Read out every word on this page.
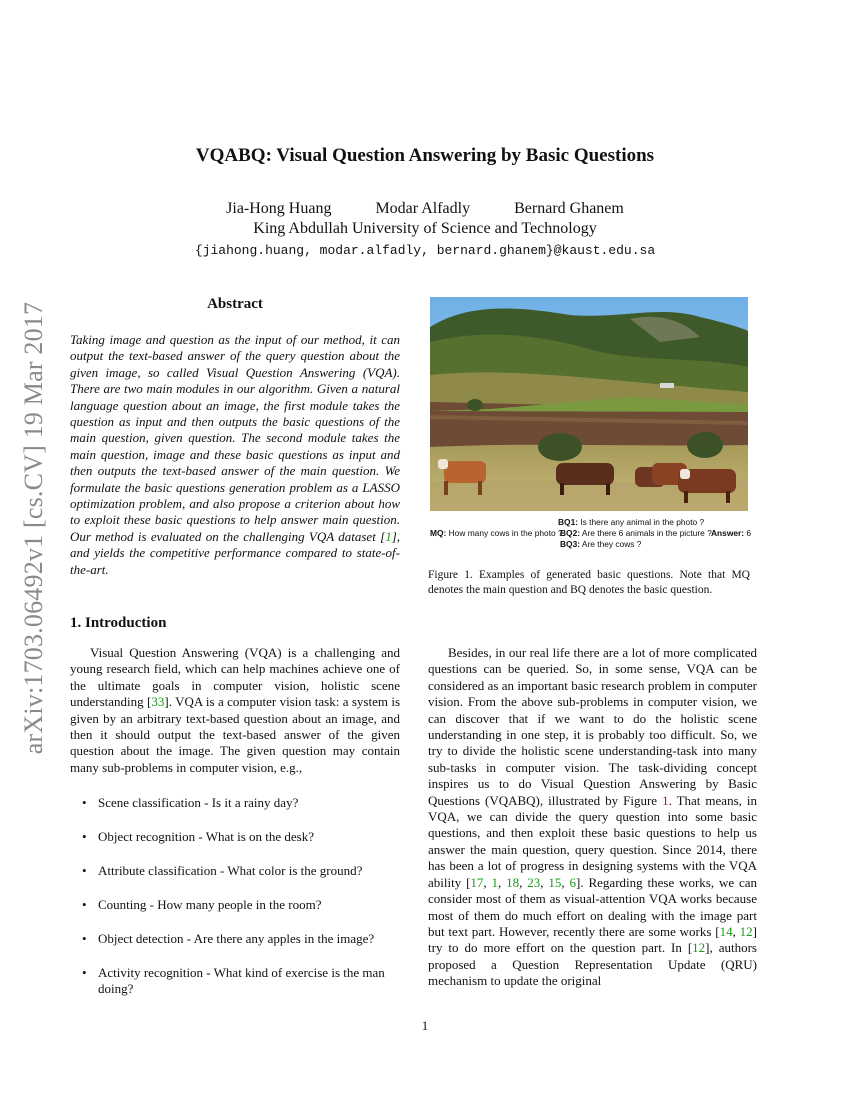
arXiv:1703.06492v1 [cs.CV] 19 Mar 2017
VQABQ: Visual Question Answering by Basic Questions
Jia-Hong Huang	Modar Alfadly	Bernard Ghanem
King Abdullah University of Science and Technology
{jiahong.huang, modar.alfadly, bernard.ghanem}@kaust.edu.sa
Abstract

Taking image and question as the input of our method, it can output the text-based answer of the query question about the given image, so called Visual Question Answering (VQA). There are two main modules in our algorithm. Given a natural language question about an image, the first module takes the question as input and then outputs the basic questions of the main question, given question. The second module takes the main question, image and these basic questions as input and then outputs the text-based answer of the main question. We formulate the basic questions generation problem as a LASSO optimization problem, and also propose a criterion about how to exploit these basic questions to help answer main question. Our method is evaluated on the challenging VQA dataset [1], and yields the competitive performance compared to state-of-the-art.

1. Introduction

Visual Question Answering (VQA) is a challenging and young research field, which can help machines achieve one of the ultimate goals in computer vision, holistic scene understanding [33]. VQA is a computer vision task: a system is given by an arbitrary text-based question about an image, and then it should output the text-based answer of the given question about the image. The given question may contain many sub-problems in computer vision, e.g.,

• Scene classification - Is it a rainy day?
• Object recognition - What is on the desk?
• Attribute classification - What color is the ground?
• Counting - How many people in the room?
• Object detection - Are there any apples in the image?
• Activity recognition - What kind of exercise is the man doing?
BQ1: Is there any animal in the photo ?
MQ: How many cows in the photo ?
BQ2: Are there 6 animals in the picture ? Answer: 6
BQ3: Are they cows ?

Figure 1. Examples of generated basic questions. Note that MQ denotes the main question and BQ denotes the basic question.

Besides, in our real life there are a lot of more complicated questions can be queried. So, in some sense, VQA can be considered as an important basic research problem in computer vision. From the above sub-problems in computer vision, we can discover that if we want to do the holistic scene understanding in one step, it is probably too difficult. So, we try to divide the holistic scene understanding-task into many sub-tasks in computer vision. The task-dividing concept inspires us to do Visual Question Answering by Basic Questions (VQABQ), illustrated by Figure 1. That means, in VQA, we can divide the query question into some basic questions, and then exploit these basic questions to help us answer the main question, query question. Since 2014, there has been a lot of progress in designing systems with the VQA ability [17, 1, 18, 23, 15, 6]. Regarding these works, we can consider most of them as visual-attention VQA works because most of them do much effort on dealing with the image part but text part. However, recently there are some works [14, 12] try to do more effort on the question part. In [12], authors proposed a Question Representation Update (QRU) mechanism to update the original

1
